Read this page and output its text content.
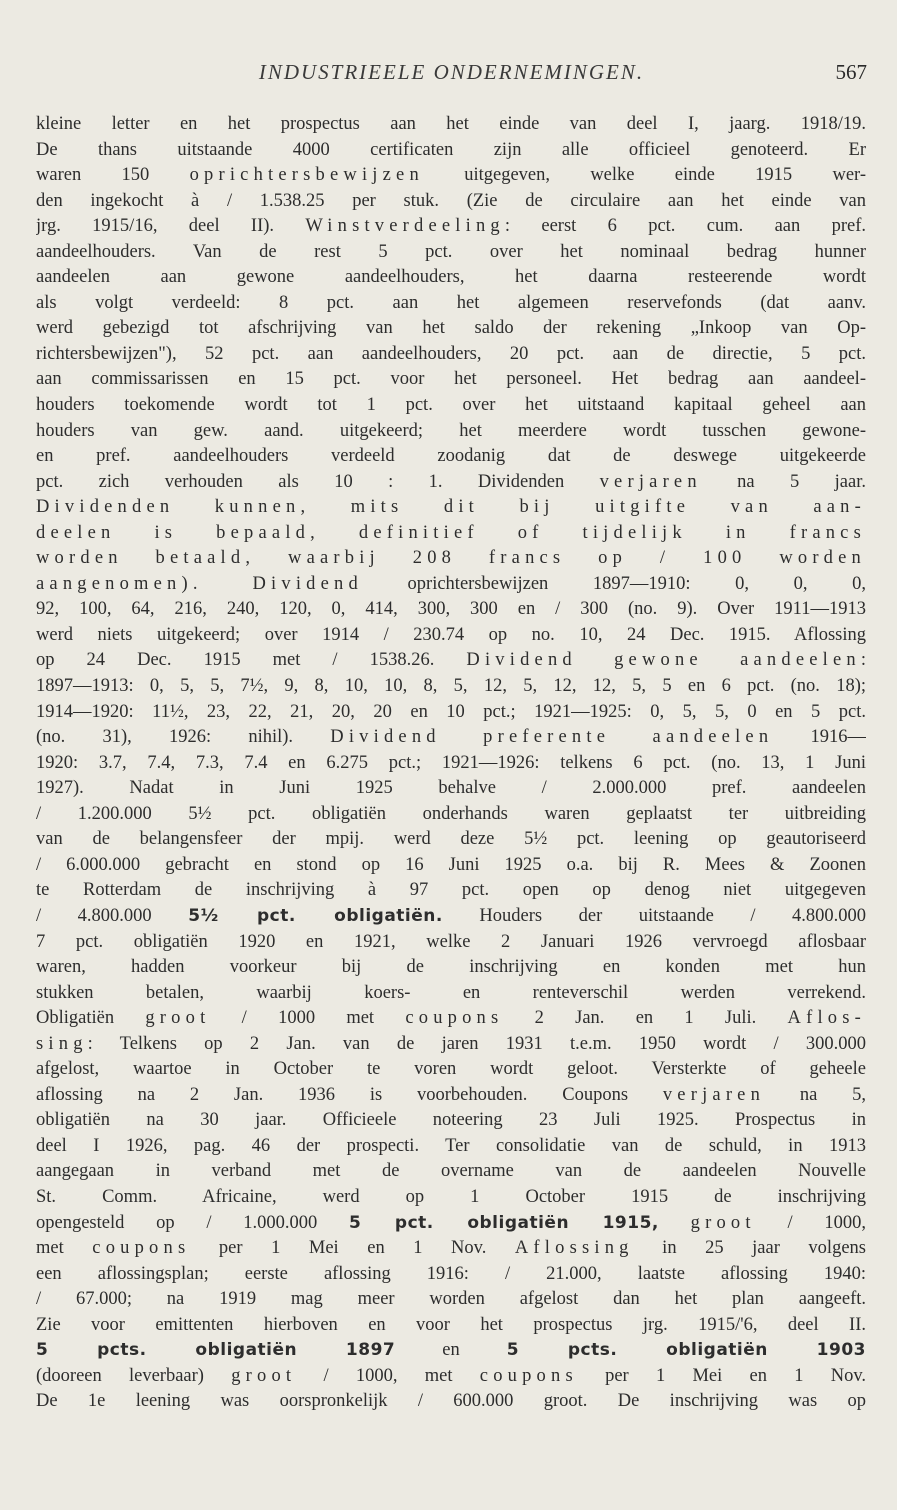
INDUSTRIEELE ONDERNEMINGEN.	567
kleine letter en het prospectus aan het einde van deel I, jaarg. 1918/19.
De thans uitstaande 4000 certificaten zijn alle officieel genoteerd. Er
waren 150 oprichtersbewijzen uitgegeven, welke einde 1915 wer-
den ingekocht à / 1.538.25 per stuk. (Zie de circulaire aan het einde van
jrg. 1915/16, deel II). Winstverdeeling: eerst 6 pct. cum. aan pref.
aandeelhouders. Van de rest 5 pct. over het nominaal bedrag hunner
aandeelen aan gewone aandeelhouders, het daarna resteerende wordt
als volgt verdeeld: 8 pct. aan het algemeen reservefonds (dat aanv.
werd gebezigd tot afschrijving van het saldo der rekening „Inkoop van Op-
richtersbewijzen"), 52 pct. aan aandeelhouders, 20 pct. aan de directie, 5 pct.
aan commissarissen en 15 pct. voor het personeel. Het bedrag aan aandeel-
houders toekomende wordt tot 1 pct. over het uitstaand kapitaal geheel aan
houders van gew. aand. uitgekeerd; het meerdere wordt tusschen gewone-
en pref. aandeelhouders verdeeld zoodanig dat de deswege uitgekeerde
pct. zich verhouden als 10 : 1. Dividenden verjaren na 5 jaar.
Dividenden kunnen, mits dit bij uitgifte van aan-
deelen is bepaald, definitief of tijdelijk in francs
worden betaald, waarbij 208 francs op / 100 worden
aangenomen). Dividend oprichtersbewijzen 1897—1910: 0, 0, 0,
92, 100, 64, 216, 240, 120, 0, 414, 300, 300 en / 300 (no. 9). Over 1911—1913
werd niets uitgekeerd; over 1914 / 230.74 op no. 10, 24 Dec. 1915. Aflossing
op 24 Dec. 1915 met / 1538.26. Dividend gewone aandeelen:
1897—1913: 0, 5, 5, 7½, 9, 8, 10, 10, 8, 5, 12, 5, 12, 12, 5, 5 en 6 pct. (no. 18);
1914—1920: 11½, 23, 22, 21, 20, 20 en 10 pct.; 1921—1925: 0, 5, 5, 0 en 5 pct.
(no. 31), 1926: nihil). Dividend preferente aandeelen 1916—
1920: 3.7, 7.4, 7.3, 7.4 en 6.275 pct.; 1921—1926: telkens 6 pct. (no. 13, 1 Juni
1927). Nadat in Juni 1925 behalve / 2.000.000 pref. aandeelen
/ 1.200.000 5½ pct. obligatiën onderhands waren geplaatst ter uitbreiding
van de belangensfeer der mpij. werd deze 5½ pct. leening op geautoriseerd
/ 6.000.000 gebracht en stond op 16 Juni 1925 o.a. bij R. Mees & Zoonen
te Rotterdam de inschrijving à 97 pct. open op denog niet uitgegeven
/ 4.800.000 5½ pct. obligatiën. Houders der uitstaande / 4.800.000
7 pct. obligatiën 1920 en 1921, welke 2 Januari 1926 vervroegd aflosbaar
waren, hadden voorkeur bij de inschrijving en konden met hun
stukken betalen, waarbij koers- en renteverschil werden verrekend.
Obligatiën groot / 1000 met coupons 2 Jan. en 1 Juli. Aflos-
sing: Telkens op 2 Jan. van de jaren 1931 t.e.m. 1950 wordt / 300.000
afgelost, waartoe in October te voren wordt geloot. Versterkte of geheele
aflossing na 2 Jan. 1936 is voorbehouden. Coupons verjaren na 5,
obligatiën na 30 jaar. Officieele noteering 23 Juli 1925. Prospectus in
deel I 1926, pag. 46 der prospecti. Ter consolidatie van de schuld, in 1913
aangegaan in verband met de overname van de aandeelen Nouvelle
St. Comm. Africaine, werd op 1 October 1915 de inschrijving
opengesteld op / 1.000.000 5 pct. obligatiën 1915, groot / 1000,
met coupons per 1 Mei en 1 Nov. Aflossing in 25 jaar volgens
een aflossingsplan; eerste aflossing 1916: / 21.000, laatste aflossing 1940:
/ 67.000; na 1919 mag meer worden afgelost dan het plan aangeeft.
Zie voor emittenten hierboven en voor het prospectus jrg. 1915/'6, deel II.
5 pcts. obligatiën 1897 en 5 pcts. obligatiën 1903
(dooreen leverbaar) groot / 1000, met coupons per 1 Mei en 1 Nov.
De 1e leening was oorspronkelijk / 600.000 groot. De inschrijving was op
